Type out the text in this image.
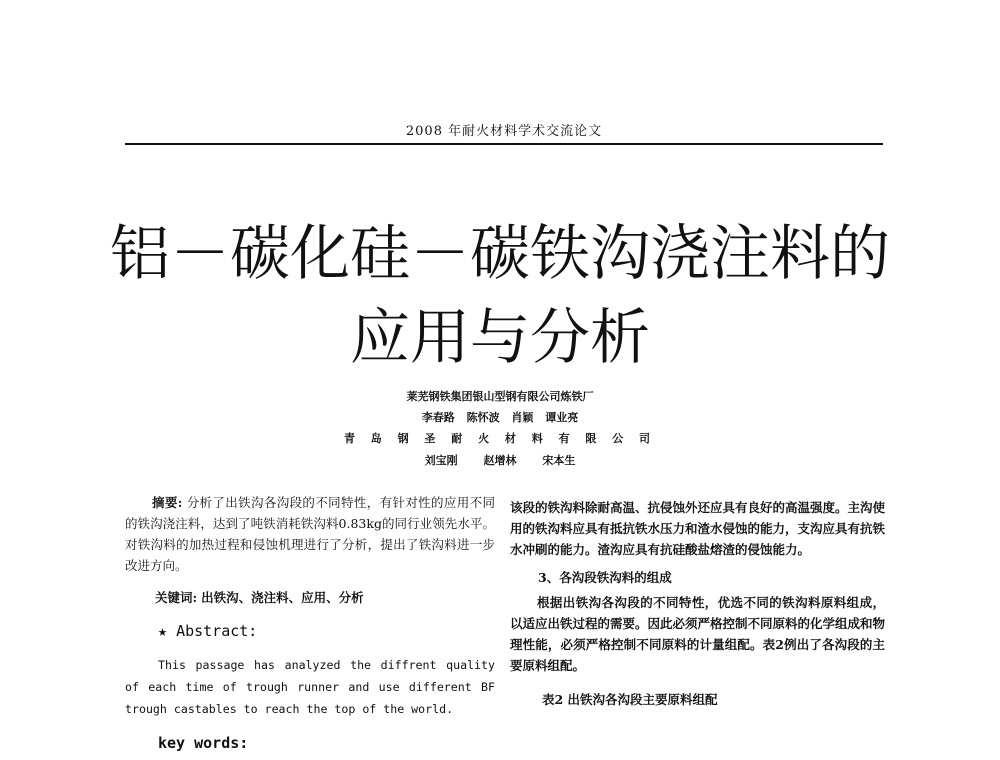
2008 年耐火材料学术交流论文
铝－碳化硅－碳铁沟浇注料的
应用与分析
莱芜钢铁集团银山型钢有限公司炼铁厂
李春路 陈怀波 肖颖 谭业亮
青 岛 钢 圣 耐 火 材 料 有 限 公 司
刘宝刚 赵增林 宋本生

摘要: 分析了出铁沟各沟段的不同特性，有针对性的应用不同的铁沟浇注料，达到了吨铁消耗铁沟料0.83kg的同行业领先水平。对铁沟料的加热过程和侵蚀机理进行了分析，提出了铁沟料进一步改进方向。

关键词: 出铁沟、浇注料、应用、分析
★ Abstract:

This passage has analyzed the diffrent quality of each time of trough runner and use different BF trough castables to reach the top of the world.

key words:

该段的铁沟料除耐高温、抗侵蚀外还应具有良好的高温强度。主沟使用的铁沟料应具有抵抗铁水压力和渣水侵蚀的能力，支沟应具有抗铁水冲刷的能力。渣沟应具有抗硅酸盐熔渣的侵蚀能力。

3、各沟段铁沟料的组成

根据出铁沟各沟段的不同特性，优选不同的铁沟料原料组成，以适应出铁过程的需要。因此必须严格控制不同原料的化学组成和物理性能，必须严格控制不同原料的计量组配。表2例出了各沟段的主要原料组配。

表2 出铁沟各沟段主要原料组配
